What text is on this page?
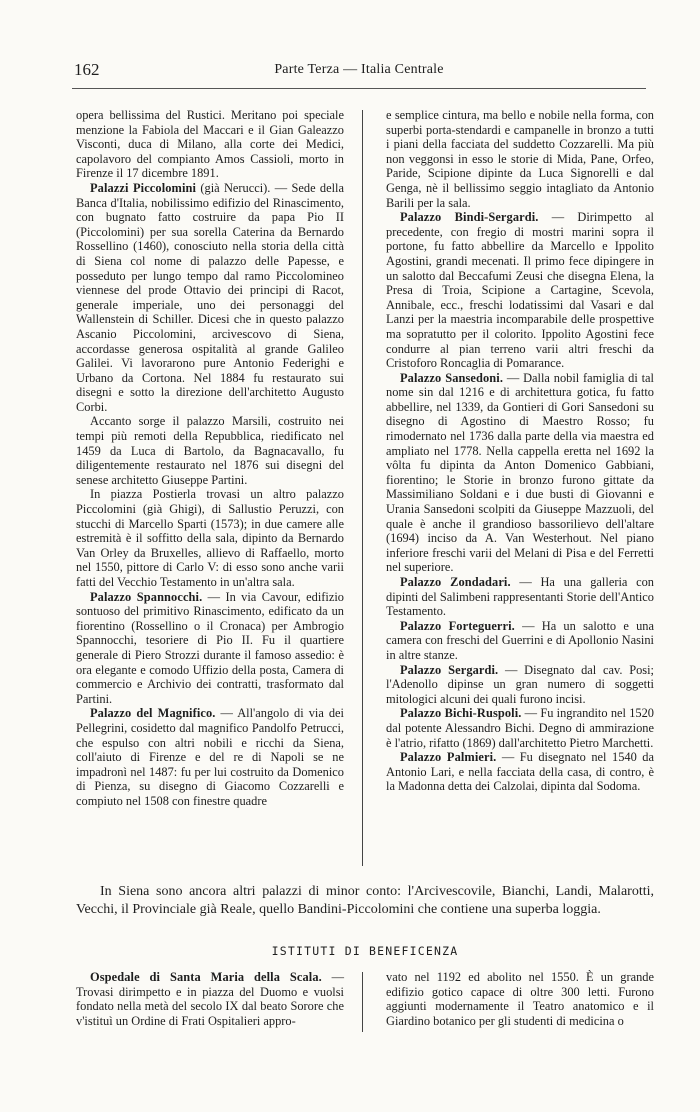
162	Parte Terza — Italia Centrale

opera bellissima del Rustici. Meritano poi speciale menzione la Fabiola del Maccari e il Gian Galeazzo Visconti, duca di Milano, alla corte dei Medici, capolavoro del compianto Amos Cassioli, morto in Firenze il 17 dicembre 1891.

Palazzi Piccolomini (già Nerucci). — Sede della Banca d'Italia, nobilissimo edifizio del Rinascimento, con bugnato fatto costruire da papa Pio II (Piccolomini) per sua sorella Caterina da Bernardo Rossellino (1460), conosciuto nella storia della città di Siena col nome di palazzo delle Papesse, e posseduto per lungo tempo dal ramo Piccolomineo viennese del prode Ottavio dei principi di Racot, generale imperiale, uno dei personaggi del Wallenstein di Schiller. Dicesi che in questo palazzo Ascanio Piccolomini, arcivescovo di Siena, accordasse generosa ospitalità al grande Galileo Galilei. Vi lavorarono pure Antonio Federighi e Urbano da Cortona. Nel 1884 fu restaurato sui disegni e sotto la direzione dell'architetto Augusto Corbi.

Accanto sorge il palazzo Marsili, costruito nei tempi più remoti della Repubblica, riedificato nel 1459 da Luca di Bartolo, da Bagnacavallo, fu diligentemente restaurato nel 1876 sui disegni del senese architetto Giuseppe Partini.

In piazza Postierla trovasi un altro palazzo Piccolomini (già Ghigi), di Sallustio Peruzzi, con stucchi di Marcello Sparti (1573); in due camere alle estremità è il soffitto della sala, dipinto da Bernardo Van Orley da Bruxelles, allievo di Raffaello, morto nel 1550, pittore di Carlo V: di esso sono anche varii fatti del Vecchio Testamento in un'altra sala.

Palazzo Spannocchi. — In via Cavour, edifizio sontuoso del primitivo Rinascimento, edificato da un fiorentino (Rossellino o il Cronaca) per Ambrogio Spannocchi, tesoriere di Pio II. Fu il quartiere generale di Piero Strozzi durante il famoso assedio: è ora elegante e comodo Uffizio della posta, Camera di commercio e Archivio dei contratti, trasformato dal Partini.

Palazzo del Magnifico. — All'angolo di via dei Pellegrini, cosidetto dal magnifico Pandolfo Petrucci, che espulso con altri nobili e ricchi da Siena, coll'aiuto di Firenze e del re di Napoli se ne impadronì nel 1487: fu per lui costruito da Domenico di Pienza, su disegno di Giacomo Cozzarelli e compiuto nel 1508 con finestre quadre

e semplice cintura, ma bello e nobile nella forma, con superbi porta-stendardi e campanelle in bronzo a tutti i piani della facciata del suddetto Cozzarelli. Ma più non veggonsi in esso le storie di Mida, Pane, Orfeo, Paride, Scipione dipinte da Luca Signorelli e dal Genga, nè il bellissimo seggio intagliato da Antonio Barili per la sala.

Palazzo Bindi-Sergardi. — Dirimpetto al precedente, con fregio di mostri marini sopra il portone, fu fatto abbellire da Marcello e Ippolito Agostini, grandi mecenati. Il primo fece dipingere in un salotto dal Beccafumi Zeusi che disegna Elena, la Presa di Troia, Scipione a Cartagine, Scevola, Annibale, ecc., freschi lodatissimi dal Vasari e dal Lanzi per la maestria incomparabile delle prospettive ma sopratutto per il colorito. Ippolito Agostini fece condurre al pian terreno varii altri freschi da Cristoforo Roncaglia di Pomarance.

Palazzo Sansedoni. — Dalla nobil famiglia di tal nome sin dal 1216 e di architettura gotica, fu fatto abbellire, nel 1339, da Gontieri di Gori Sansedoni su disegno di Agostino di Maestro Rosso; fu rimodernato nel 1736 dalla parte della via maestra ed ampliato nel 1778. Nella cappella eretta nel 1692 la vôlta fu dipinta da Anton Domenico Gabbiani, fiorentino; le Storie in bronzo furono gittate da Massimiliano Soldani e i due busti di Giovanni e Urania Sansedoni scolpiti da Giuseppe Mazzuoli, del quale è anche il grandioso bassorilievo dell'altare (1694) inciso da A. Van Westerhout. Nel piano inferiore freschi varii del Melani di Pisa e del Ferretti nel superiore.

Palazzo Zondadari. — Ha una galleria con dipinti del Salimbeni rappresentanti Storie dell'Antico Testamento.

Palazzo Forteguerri. — Ha un salotto e una camera con freschi del Guerrini e di Apollonio Nasini in altre stanze.

Palazzo Sergardi. — Disegnato dal cav. Posi; l'Adenollo dipinse un gran numero di soggetti mitologici alcuni dei quali furono incisi.

Palazzo Bichi-Ruspoli. — Fu ingrandito nel 1520 dal potente Alessandro Bichi. Degno di ammirazione è l'atrio, rifatto (1869) dall'architetto Pietro Marchetti.

Palazzo Palmieri. — Fu disegnato nel 1540 da Antonio Lari, e nella facciata della casa, di contro, è la Madonna detta dei Calzolai, dipinta dal Sodoma.

In Siena sono ancora altri palazzi di minor conto: l'Arcivescovile, Bianchi, Landi, Malarotti, Vecchi, il Provinciale già Reale, quello Bandini-Piccolomini che contiene una superba loggia.
ISTITUTI DI BENEFICENZA

Ospedale di Santa Maria della Scala. — Trovasi dirimpetto e in piazza del Duomo e vuolsi fondato nella metà del secolo IX dal beato Sorore che v'istituì un Ordine di Frati Ospitalieri appro-

vato nel 1192 ed abolito nel 1550. È un grande edifizio gotico capace di oltre 300 letti. Furono aggiunti modernamente il Teatro anatomico e il Giardino botanico per gli studenti di medicina o
